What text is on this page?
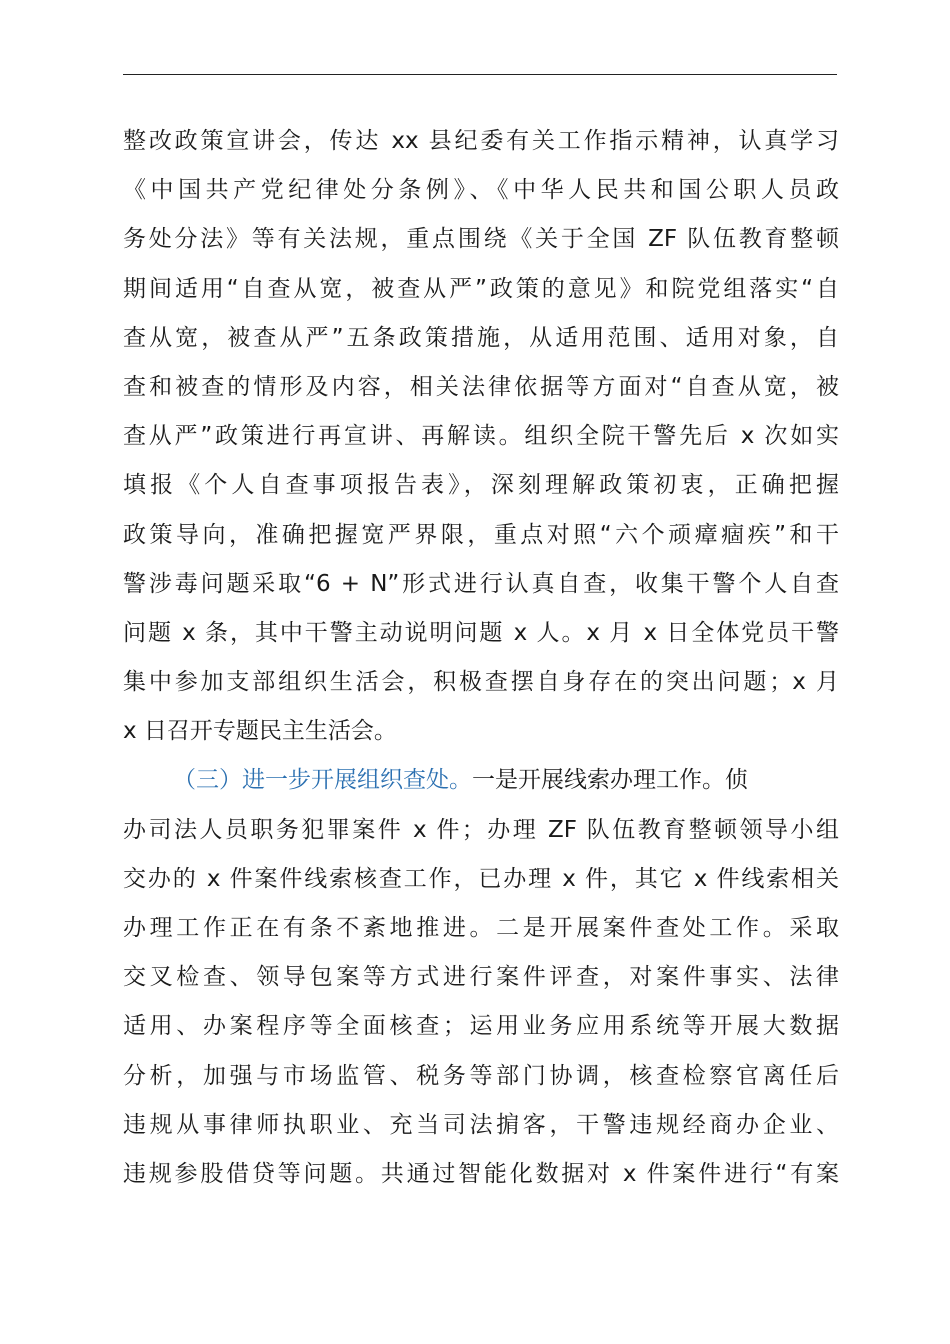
整改政策宣讲会，传达 xx 县纪委有关工作指示精神，认真学习
《中国共产党纪律处分条例》、《中华人民共和国公职人员政
务处分法》等有关法规，重点围绕《关于全国 ZF 队伍教育整顿
期间适用“自查从宽，被查从严”政策的意见》和院党组落实“自
查从宽，被查从严”五条政策措施，从适用范围、适用对象，自
查和被查的情形及内容，相关法律依据等方面对“自查从宽，被
查从严”政策进行再宣讲、再解读。组织全院干警先后 x 次如实
填报《个人自查事项报告表》，深刻理解政策初衷，正确把握
政策导向，准确把握宽严界限，重点对照“六个顽瘴痼疾”和干
警涉毒问题采取“6 + N”形式进行认真自查，收集干警个人自查
问题 x 条，其中干警主动说明问题 x 人。x 月 x 日全体党员干警
集中参加支部组织生活会，积极查摆自身存在的突出问题；x 月
x 日召开专题民主生活会。
（三）进一步开展组织查处。一是开展线索办理工作。侦
办司法人员职务犯罪案件 x 件；办理 ZF 队伍教育整顿领导小组
交办的 x 件案件线索核查工作，已办理 x 件，其它 x 件线索相关
办理工作正在有条不紊地推进。二是开展案件查处工作。采取
交叉检查、领导包案等方式进行案件评查，对案件事实、法律
适用、办案程序等全面核查；运用业务应用系统等开展大数据
分析，加强与市场监管、税务等部门协调，核查检察官离任后
违规从事律师执职业、充当司法掮客，干警违规经商办企业、
违规参股借贷等问题。共通过智能化数据对 x 件案件进行“有案
